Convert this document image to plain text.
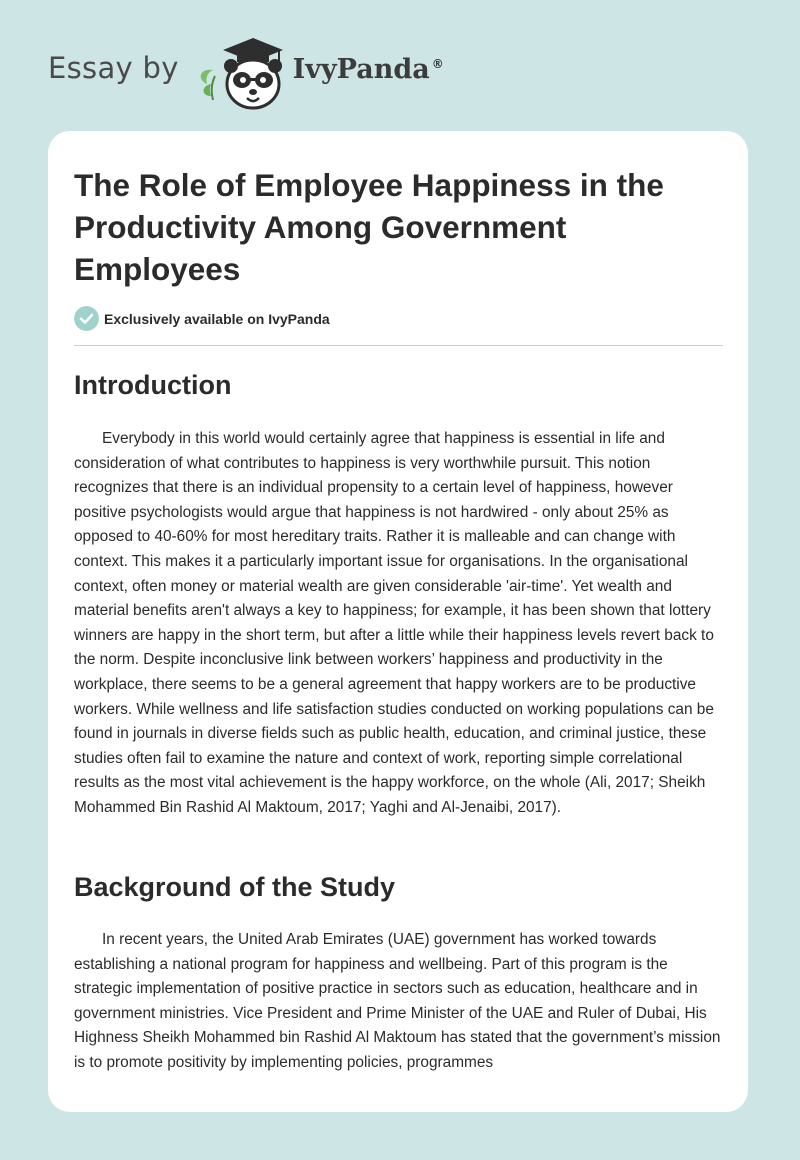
Essay by	IvyPanda ®
The Role of Employee Happiness in the Productivity Among Government Employees
Exclusively available on IvyPanda
Introduction

Everybody in this world would certainly agree that happiness is essential in life and consideration of what contributes to happiness is very worthwhile pursuit. This notion recognizes that there is an individual propensity to a certain level of happiness, however positive psychologists would argue that happiness is not hardwired - only about 25% as opposed to 40-60% for most hereditary traits. Rather it is malleable and can change with context. This makes it a particularly important issue for organisations. In the organisational context, often money or material wealth are given considerable 'air-time'. Yet wealth and material benefits aren't always a key to happiness; for example, it has been shown that lottery winners are happy in the short term, but after a little while their happiness levels revert back to the norm. Despite inconclusive link between workers’ happiness and productivity in the workplace, there seems to be a general agreement that happy workers are to be productive workers. While wellness and life satisfaction studies conducted on working populations can be found in journals in diverse fields such as public health, education, and criminal justice, these studies often fail to examine the nature and context of work, reporting simple correlational results as the most vital achievement is the happy workforce, on the whole (Ali, 2017; Sheikh Mohammed Bin Rashid Al Maktoum, 2017; Yaghi and Al-Jenaibi, 2017).

Background of the Study

In recent years, the United Arab Emirates (UAE) government has worked towards establishing a national program for happiness and wellbeing. Part of this program is the strategic implementation of positive practice in sectors such as education, healthcare and in government ministries. Vice President and Prime Minister of the UAE and Ruler of Dubai, His Highness Sheikh Mohammed bin Rashid Al Maktoum has stated that the government’s mission is to promote positivity by implementing policies, programmes
